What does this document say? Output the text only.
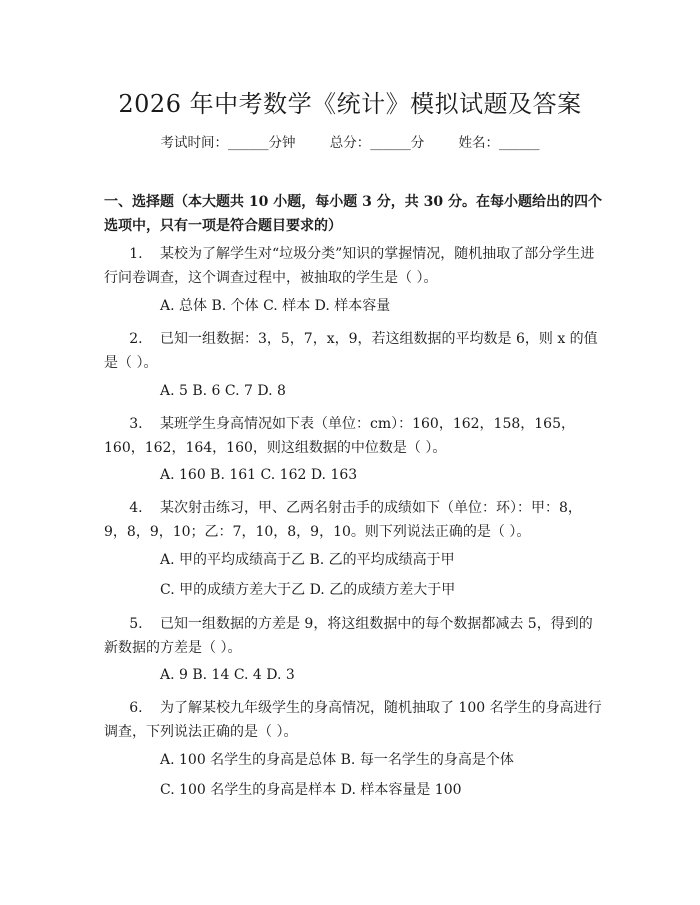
2026 年中考数学《统计》模拟试题及答案
考试时间：______分钟	总分：______分	姓名：______
一、选择题（本大题共 10 小题，每小题 3 分，共 30 分。在每小题给出的四个选项中，只有一项是符合题目要求的）
1. 某校为了解学生对“垃圾分类”知识的掌握情况，随机抽取了部分学生进行问卷调查，这个调查过程中，被抽取的学生是（ ）。
A. 总体 B. 个体 C. 样本 D. 样本容量
2. 已知一组数据：3，5，7，x，9，若这组数据的平均数是 6，则 x 的值是（ ）。
A. 5 B. 6 C. 7 D. 8
3. 某班学生身高情况如下表（单位：cm）：160，162，158，165，160，162，164，160，则这组数据的中位数是（ ）。
A. 160 B. 161 C. 162 D. 163
4. 某次射击练习，甲、乙两名射击手的成绩如下（单位：环）：甲：8，9，8，9，10；乙：7，10，8，9，10。则下列说法正确的是（ ）。
A. 甲的平均成绩高于乙 B. 乙的平均成绩高于甲
C. 甲的成绩方差大于乙 D. 乙的成绩方差大于甲
5. 已知一组数据的方差是 9，将这组数据中的每个数据都减去 5，得到的新数据的方差是（ ）。
A. 9 B. 14 C. 4 D. 3
6. 为了解某校九年级学生的身高情况，随机抽取了 100 名学生的身高进行调查，下列说法正确的是（ ）。
A. 100 名学生的身高是总体 B. 每一名学生的身高是个体
C. 100 名学生的身高是样本 D. 样本容量是 100
